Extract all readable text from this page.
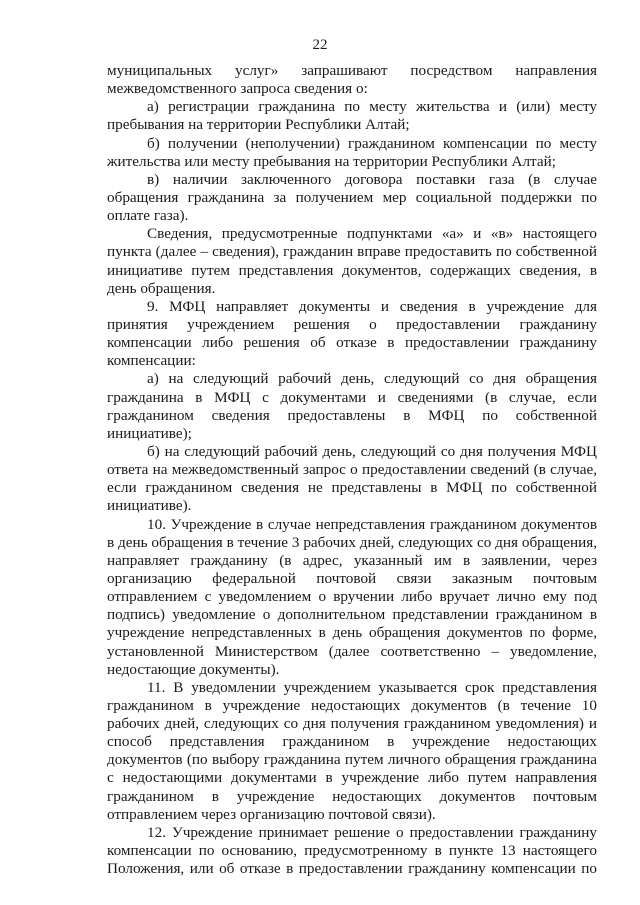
22
муниципальных услуг» запрашивают посредством направления
межведомственного запроса сведения о:
а) регистрации гражданина по месту жительства и (или) месту
пребывания на территории Республики Алтай;
б) получении (неполучении) гражданином компенсации по месту
жительства или месту пребывания на территории Республики Алтай;
в) наличии заключенного договора поставки газа (в случае
обращения гражданина за получением мер социальной поддержки по
оплате газа).
Сведения, предусмотренные подпунктами «а» и «в» настоящего
пункта (далее – сведения), гражданин вправе предоставить по собственной
инициативе путем представления документов, содержащих сведения, в
день обращения.
9. МФЦ направляет документы и сведения в учреждение для
принятия учреждением решения о предоставлении гражданину
компенсации либо решения об отказе в предоставлении гражданину
компенсации:
а) на следующий рабочий день, следующий со дня обращения
гражданина в МФЦ с документами и сведениями (в случае, если
гражданином сведения предоставлены в МФЦ по собственной
инициативе);
б) на следующий рабочий день, следующий со дня получения МФЦ
ответа на межведомственный запрос о предоставлении сведений (в случае,
если гражданином сведения не представлены в МФЦ по собственной
инициативе).
10. Учреждение в случае непредставления гражданином документов
в день обращения в течение 3 рабочих дней, следующих со дня обращения,
направляет гражданину (в адрес, указанный им в заявлении, через
организацию федеральной почтовой связи заказным почтовым
отправлением с уведомлением о вручении либо вручает лично ему под
подпись) уведомление о дополнительном представлении гражданином в
учреждение непредставленных в день обращения документов по форме,
установленной Министерством (далее соответственно – уведомление,
недостающие документы).
11. В уведомлении учреждением указывается срок представления
гражданином в учреждение недостающих документов (в течение 10
рабочих дней, следующих со дня получения гражданином уведомления) и
способ представления гражданином в учреждение недостающих
документов (по выбору гражданина путем личного обращения гражданина
с недостающими документами в учреждение либо путем направления
гражданином в учреждение недостающих документов почтовым
отправлением через организацию почтовой связи).
12. Учреждение принимает решение о предоставлении гражданину
компенсации по основанию, предусмотренному в пункте 13 настоящего
Положения, или об отказе в предоставлении гражданину компенсации по
